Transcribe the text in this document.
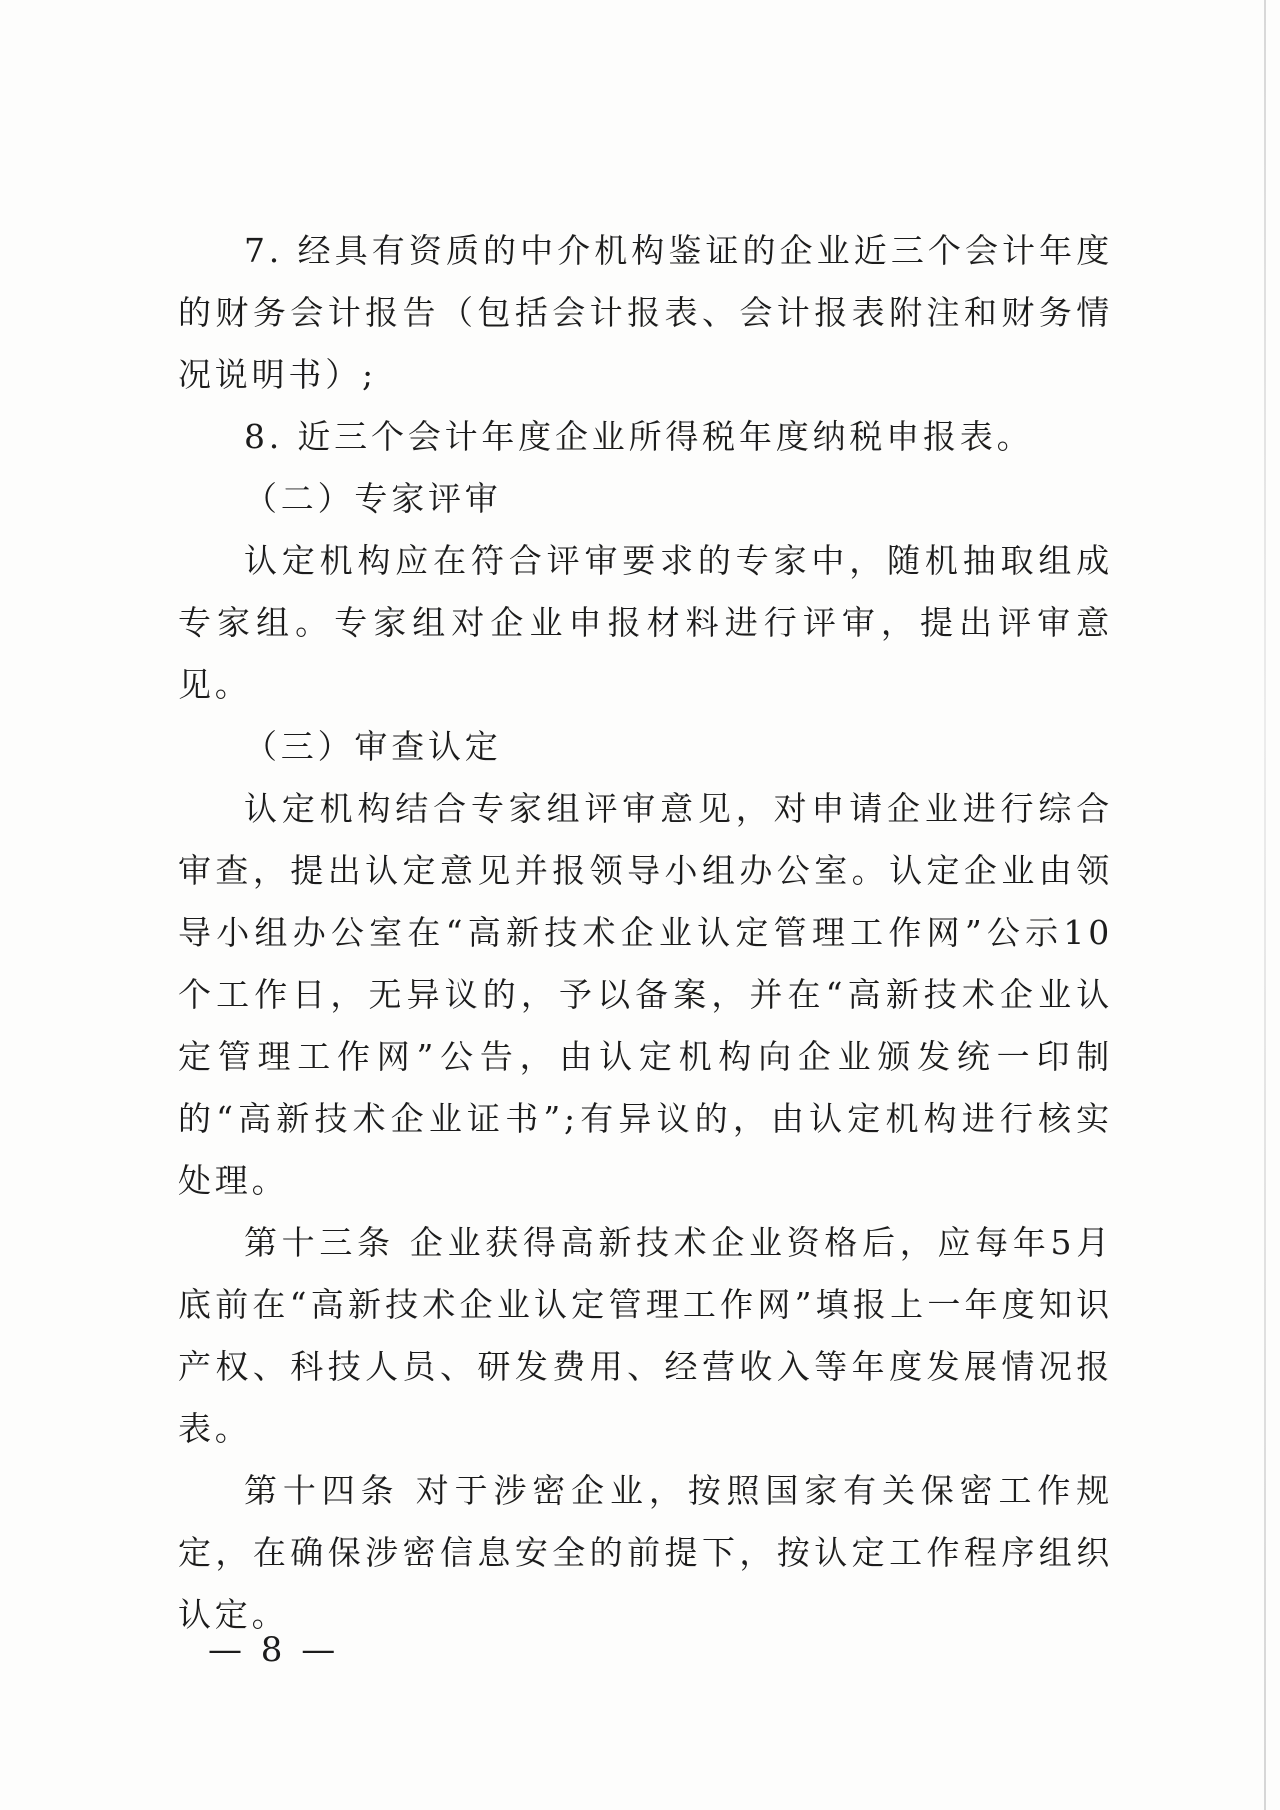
7. 经具有资质的中介机构鉴证的企业近三个会计年度的财务会计报告（包括会计报表、会计报表附注和财务情况说明书）;

8. 近三个会计年度企业所得税年度纳税申报表。

（二）专家评审

认定机构应在符合评审要求的专家中，随机抽取组成专家组。专家组对企业申报材料进行评审，提出评审意见。

（三）审查认定

认定机构结合专家组评审意见，对申请企业进行综合审查，提出认定意见并报领导小组办公室。认定企业由领导小组办公室在“高新技术企业认定管理工作网”公示10个工作日，无异议的，予以备案，并在“高新技术企业认定管理工作网”公告，由认定机构向企业颁发统一印制的“高新技术企业证书”;有异议的，由认定机构进行核实处理。

第十三条 企业获得高新技术企业资格后，应每年5月底前在“高新技术企业认定管理工作网”填报上一年度知识产权、科技人员、研发费用、经营收入等年度发展情况报表。

第十四条 对于涉密企业，按照国家有关保密工作规定，在确保涉密信息安全的前提下，按认定工作程序组织认定。

— 8 —
